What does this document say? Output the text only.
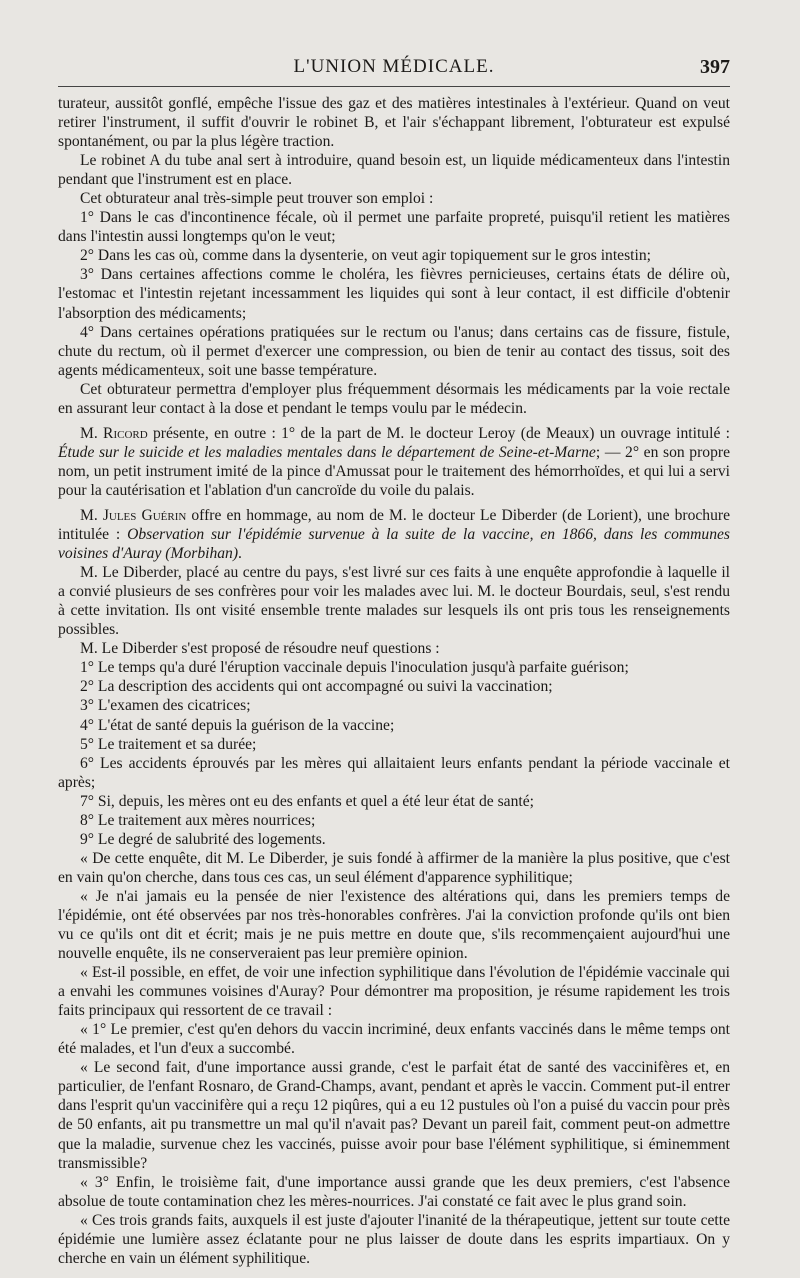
L'UNION MÉDICALE.	397

turateur, aussitôt gonflé, empêche l'issue des gaz et des matières intestinales à l'extérieur. Quand on veut retirer l'instrument, il suffit d'ouvrir le robinet B, et l'air s'échappant librement, l'obturateur est expulsé spontanément, ou par la plus légère traction.

Le robinet A du tube anal sert à introduire, quand besoin est, un liquide médicamenteux dans l'intestin pendant que l'instrument est en place.

Cet obturateur anal très-simple peut trouver son emploi :

1° Dans le cas d'incontinence fécale, où il permet une parfaite propreté, puisqu'il retient les matières dans l'intestin aussi longtemps qu'on le veut;

2° Dans les cas où, comme dans la dysenterie, on veut agir topiquement sur le gros intestin;

3° Dans certaines affections comme le choléra, les fièvres pernicieuses, certains états de délire où, l'estomac et l'intestin rejetant incessamment les liquides qui sont à leur contact, il est difficile d'obtenir l'absorption des médicaments;

4° Dans certaines opérations pratiquées sur le rectum ou l'anus; dans certains cas de fissure, fistule, chute du rectum, où il permet d'exercer une compression, ou bien de tenir au contact des tissus, soit des agents médicamenteux, soit une basse température.

Cet obturateur permettra d'employer plus fréquemment désormais les médicaments par la voie rectale en assurant leur contact à la dose et pendant le temps voulu par le médecin.

M. Ricord présente, en outre : 1° de la part de M. le docteur Leroy (de Meaux) un ouvrage intitulé : Étude sur le suicide et les maladies mentales dans le département de Seine-et-Marne; — 2° en son propre nom, un petit instrument imité de la pince d'Amussat pour le traitement des hémorrhoïdes, et qui lui a servi pour la cautérisation et l'ablation d'un cancroïde du voile du palais.

M. Jules Guérin offre en hommage, au nom de M. le docteur Le Diberder (de Lorient), une brochure intitulée : Observation sur l'épidémie survenue à la suite de la vaccine, en 1866, dans les communes voisines d'Auray (Morbihan).

M. Le Diberder, placé au centre du pays, s'est livré sur ces faits à une enquête approfondie à laquelle il a convié plusieurs de ses confrères pour voir les malades avec lui. M. le docteur Bourdais, seul, s'est rendu à cette invitation. Ils ont visité ensemble trente malades sur lesquels ils ont pris tous les renseignements possibles.

M. Le Diberder s'est proposé de résoudre neuf questions :

1° Le temps qu'a duré l'éruption vaccinale depuis l'inoculation jusqu'à parfaite guérison;

2° La description des accidents qui ont accompagné ou suivi la vaccination;

3° L'examen des cicatrices;

4° L'état de santé depuis la guérison de la vaccine;

5° Le traitement et sa durée;

6° Les accidents éprouvés par les mères qui allaitaient leurs enfants pendant la période vaccinale et après;

7° Si, depuis, les mères ont eu des enfants et quel a été leur état de santé;

8° Le traitement aux mères nourrices;

9° Le degré de salubrité des logements.

« De cette enquête, dit M. Le Diberder, je suis fondé à affirmer de la manière la plus positive, que c'est en vain qu'on cherche, dans tous ces cas, un seul élément d'apparence syphilitique;

« Je n'ai jamais eu la pensée de nier l'existence des altérations qui, dans les premiers temps de l'épidémie, ont été observées par nos très-honorables confrères. J'ai la conviction profonde qu'ils ont bien vu ce qu'ils ont dit et écrit; mais je ne puis mettre en doute que, s'ils recommençaient aujourd'hui une nouvelle enquête, ils ne conserveraient pas leur première opinion.

« Est-il possible, en effet, de voir une infection syphilitique dans l'évolution de l'épidémie vaccinale qui a envahi les communes voisines d'Auray? Pour démontrer ma proposition, je résume rapidement les trois faits principaux qui ressortent de ce travail :

« 1° Le premier, c'est qu'en dehors du vaccin incriminé, deux enfants vaccinés dans le même temps ont été malades, et l'un d'eux a succombé.

« Le second fait, d'une importance aussi grande, c'est le parfait état de santé des vaccinifères et, en particulier, de l'enfant Rosnaro, de Grand-Champs, avant, pendant et après le vaccin. Comment put-il entrer dans l'esprit qu'un vaccinifère qui a reçu 12 piqûres, qui a eu 12 pustules où l'on a puisé du vaccin pour près de 50 enfants, ait pu transmettre un mal qu'il n'avait pas? Devant un pareil fait, comment peut-on admettre que la maladie, survenue chez les vaccinés, puisse avoir pour base l'élément syphilitique, si éminemment transmissible?

« 3° Enfin, le troisième fait, d'une importance aussi grande que les deux premiers, c'est l'absence absolue de toute contamination chez les mères-nourrices. J'ai constaté ce fait avec le plus grand soin.

« Ces trois grands faits, auxquels il est juste d'ajouter l'inanité de la thérapeutique, jettent sur toute cette épidémie une lumière assez éclatante pour ne plus laisser de doute dans les esprits impartiaux. On y cherche en vain un élément syphilitique.
